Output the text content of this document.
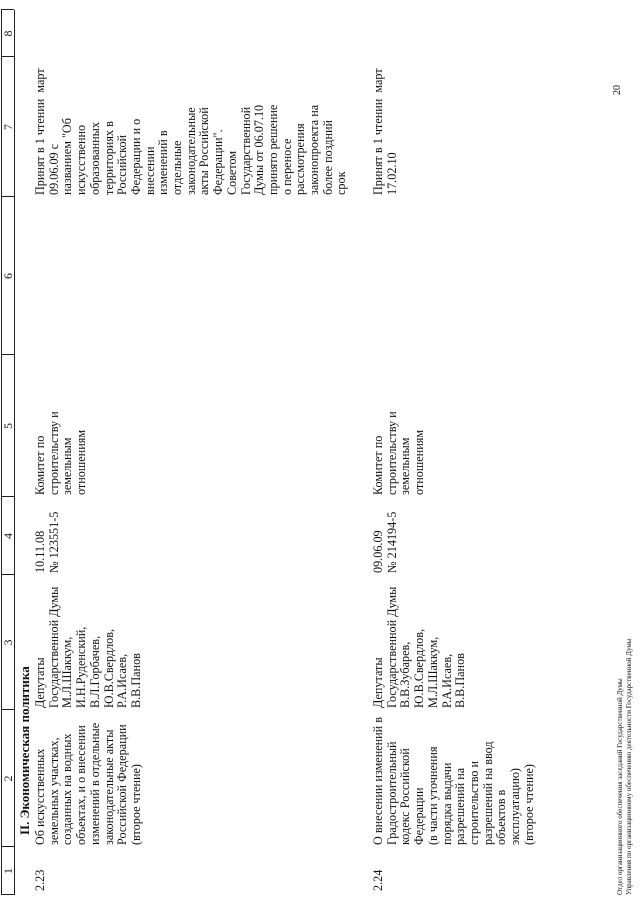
1
2
3
4
5
6
7
8
II. Экономическая политика
2.23
Об искусственных
земельных участках,
созданных на водных
объектах, и о внесении
изменений в отдельные
законодательные акты
Российской Федерации
(второе чтение)
Депутаты
Государственной Думы
М.Л.Шаккум,
И.Н.Руденский,
В.Л.Горбачев,
Ю.В.Свердлов,
Р.А.Исаев,
В.В.Панов
10.11.08
№ 123551-5
Комитет по
строительству и
земельным
отношениям
Принят в 1 чтении  март
09.06.09 с
названием "Об
искусственно
образованных
территориях в
Российской
Федерации и о
внесении
изменений в
отдельные
законодательные
акты Российской
Федерации".
Советом
Государственной
Думы от 06.07.10
принято решение
о переносе
рассмотрения
законопроекта на
более поздний
срок
2.24
О внесении изменений в
Градостроительный
кодекс Российской
Федерации
(в части уточнения
порядка выдачи
разрешений на
строительство и
разрешений на ввод
объектов в
эксплуатацию)
(второе чтение)
Депутаты
Государственной Думы
В.В.Зубарев,
Ю.В.Свердлов,
М.Л.Шаккум,
Р.А.Исаев,
В.В.Панов
09.06.09
№ 214194-5
Комитет по
строительству и
земельным
отношениям
Принят в 1 чтении  март
17.02.10
Отдел организационного обеспечения заседаний Государственной Думы Управления по организационному обеспечению деятельности Государственной Думы
20
